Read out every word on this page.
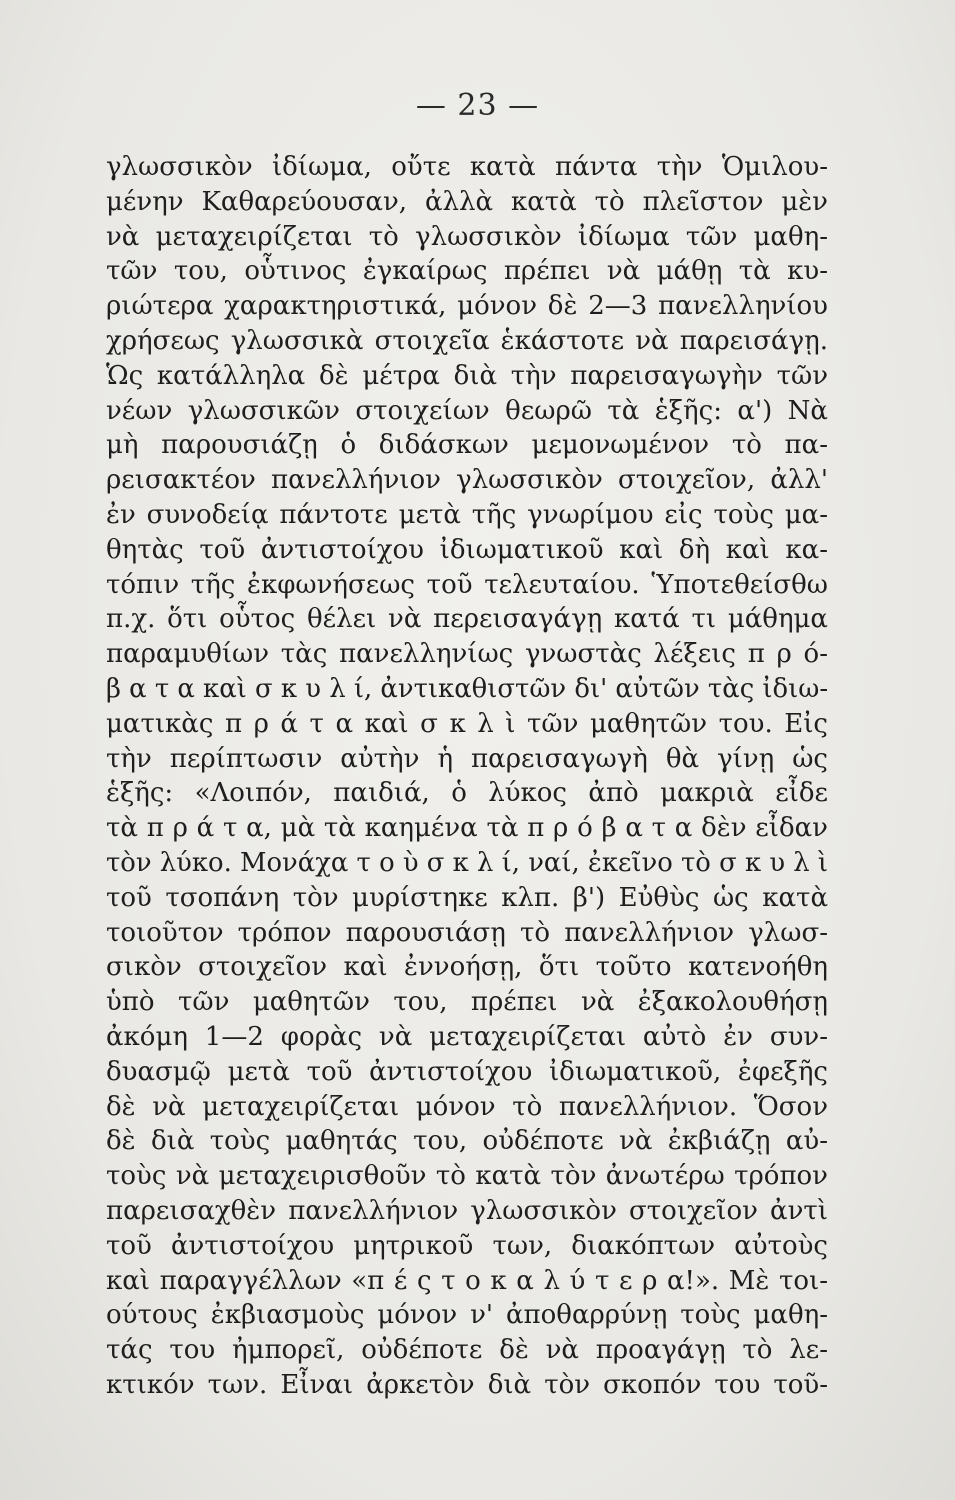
— 23 —
γλωσσικὸν ἰδίωμα, οὔτε κατὰ πάντα τὴν Ὁμιλου-
μένην Καθαρεύουσαν, ἀλλὰ κατὰ τὸ πλεῖστον μὲν
νὰ μεταχειρίζεται τὸ γλωσσικὸν ἰδίωμα τῶν μαθη-
τῶν του, οὗτινος ἐγκαίρως πρέπει νὰ μάθῃ τὰ κυ-
ριώτερα χαρακτηριστικά, μόνον δὲ 2—3 πανελληνίου
χρήσεως γλωσσικὰ στοιχεῖα ἑκάστοτε νὰ παρεισάγῃ.
Ὡς κατάλληλα δὲ μέτρα διὰ τὴν παρεισαγωγὴν τῶν
νέων γλωσσικῶν στοιχείων θεωρῶ τὰ ἑξῆς: α') Νὰ
μὴ παρουσιάζῃ ὁ διδάσκων μεμονωμένον τὸ πα-
ρεισακτέον πανελλήνιον γλωσσικὸν στοιχεῖον, ἀλλ'
ἐν συνοδείᾳ πάντοτε μετὰ τῆς γνωρίμου εἰς τοὺς μα-
θητὰς τοῦ ἀντιστοίχου ἰδιωματικοῦ καὶ δὴ καὶ κα-
τόπιν τῆς ἐκφωνήσεως τοῦ τελευταίου. Ὑποτεθείσθω
π.χ. ὅτι οὗτος θέλει νὰ περεισαγάγῃ κατά τι μάθημα
παραμυθίων τὰς πανελληνίως γνωστὰς λέξεις π ρ ό-
β α τ α καὶ σ κ υ λ ί, ἀντικαθιστῶν δι' αὐτῶν τὰς ἰδιω-
ματικὰς π ρ ά τ α καὶ σ κ λ ὶ τῶν μαθητῶν του. Εἰς
τὴν περίπτωσιν αὐτὴν ἡ παρεισαγωγὴ θὰ γίνῃ ὡς
ἑξῆς: «Λοιπόν, παιδιά, ὁ λύκος ἀπὸ μακριὰ εἶδε
τὰ π ρ ά τ α, μὰ τὰ καημένα τὰ π ρ ό β α τ α δὲν εἶδαν
τὸν λύκο. Μονάχα τ ο ὺ σ κ λ ί, ναί, ἐκεῖνο τὸ σ κ υ λ ὶ
τοῦ τσοπάνη τὸν μυρίστηκε κλπ. β') Εὐθὺς ὡς κατὰ
τοιοῦτον τρόπον παρουσιάσῃ τὸ πανελλήνιον γλωσ-
σικὸν στοιχεῖον καὶ ἐννοήσῃ, ὅτι τοῦτο κατενοήθη
ὑπὸ τῶν μαθητῶν του, πρέπει νὰ ἐξακολουθήσῃ
ἀκόμη 1—2 φορὰς νὰ μεταχειρίζεται αὐτὸ ἐν συν-
δυασμῷ μετὰ τοῦ ἀντιστοίχου ἰδιωματικοῦ, ἐφεξῆς
δὲ νὰ μεταχειρίζεται μόνον τὸ πανελλήνιον. Ὅσον
δὲ διὰ τοὺς μαθητάς του, οὐδέποτε νὰ ἐκβιάζῃ αὐ-
τοὺς νὰ μεταχειρισθοῦν τὸ κατὰ τὸν ἀνωτέρω τρόπον
παρεισαχθὲν πανελλήνιον γλωσσικὸν στοιχεῖον ἀντὶ
τοῦ ἀντιστοίχου μητρικοῦ των, διακόπτων αὐτοὺς
καὶ παραγγέλλων «π έ ς τ ο κ α λ ύ τ ε ρ α!». Μὲ τοι-
ούτους ἐκβιασμοὺς μόνον ν' ἀποθαρρύνῃ τοὺς μαθη-
τάς του ἠμπορεῖ, οὐδέποτε δὲ νὰ προαγάγῃ τὸ λε-
κτικόν των. Εἶναι ἀρκετὸν διὰ τὸν σκοπόν του τοῦ-
